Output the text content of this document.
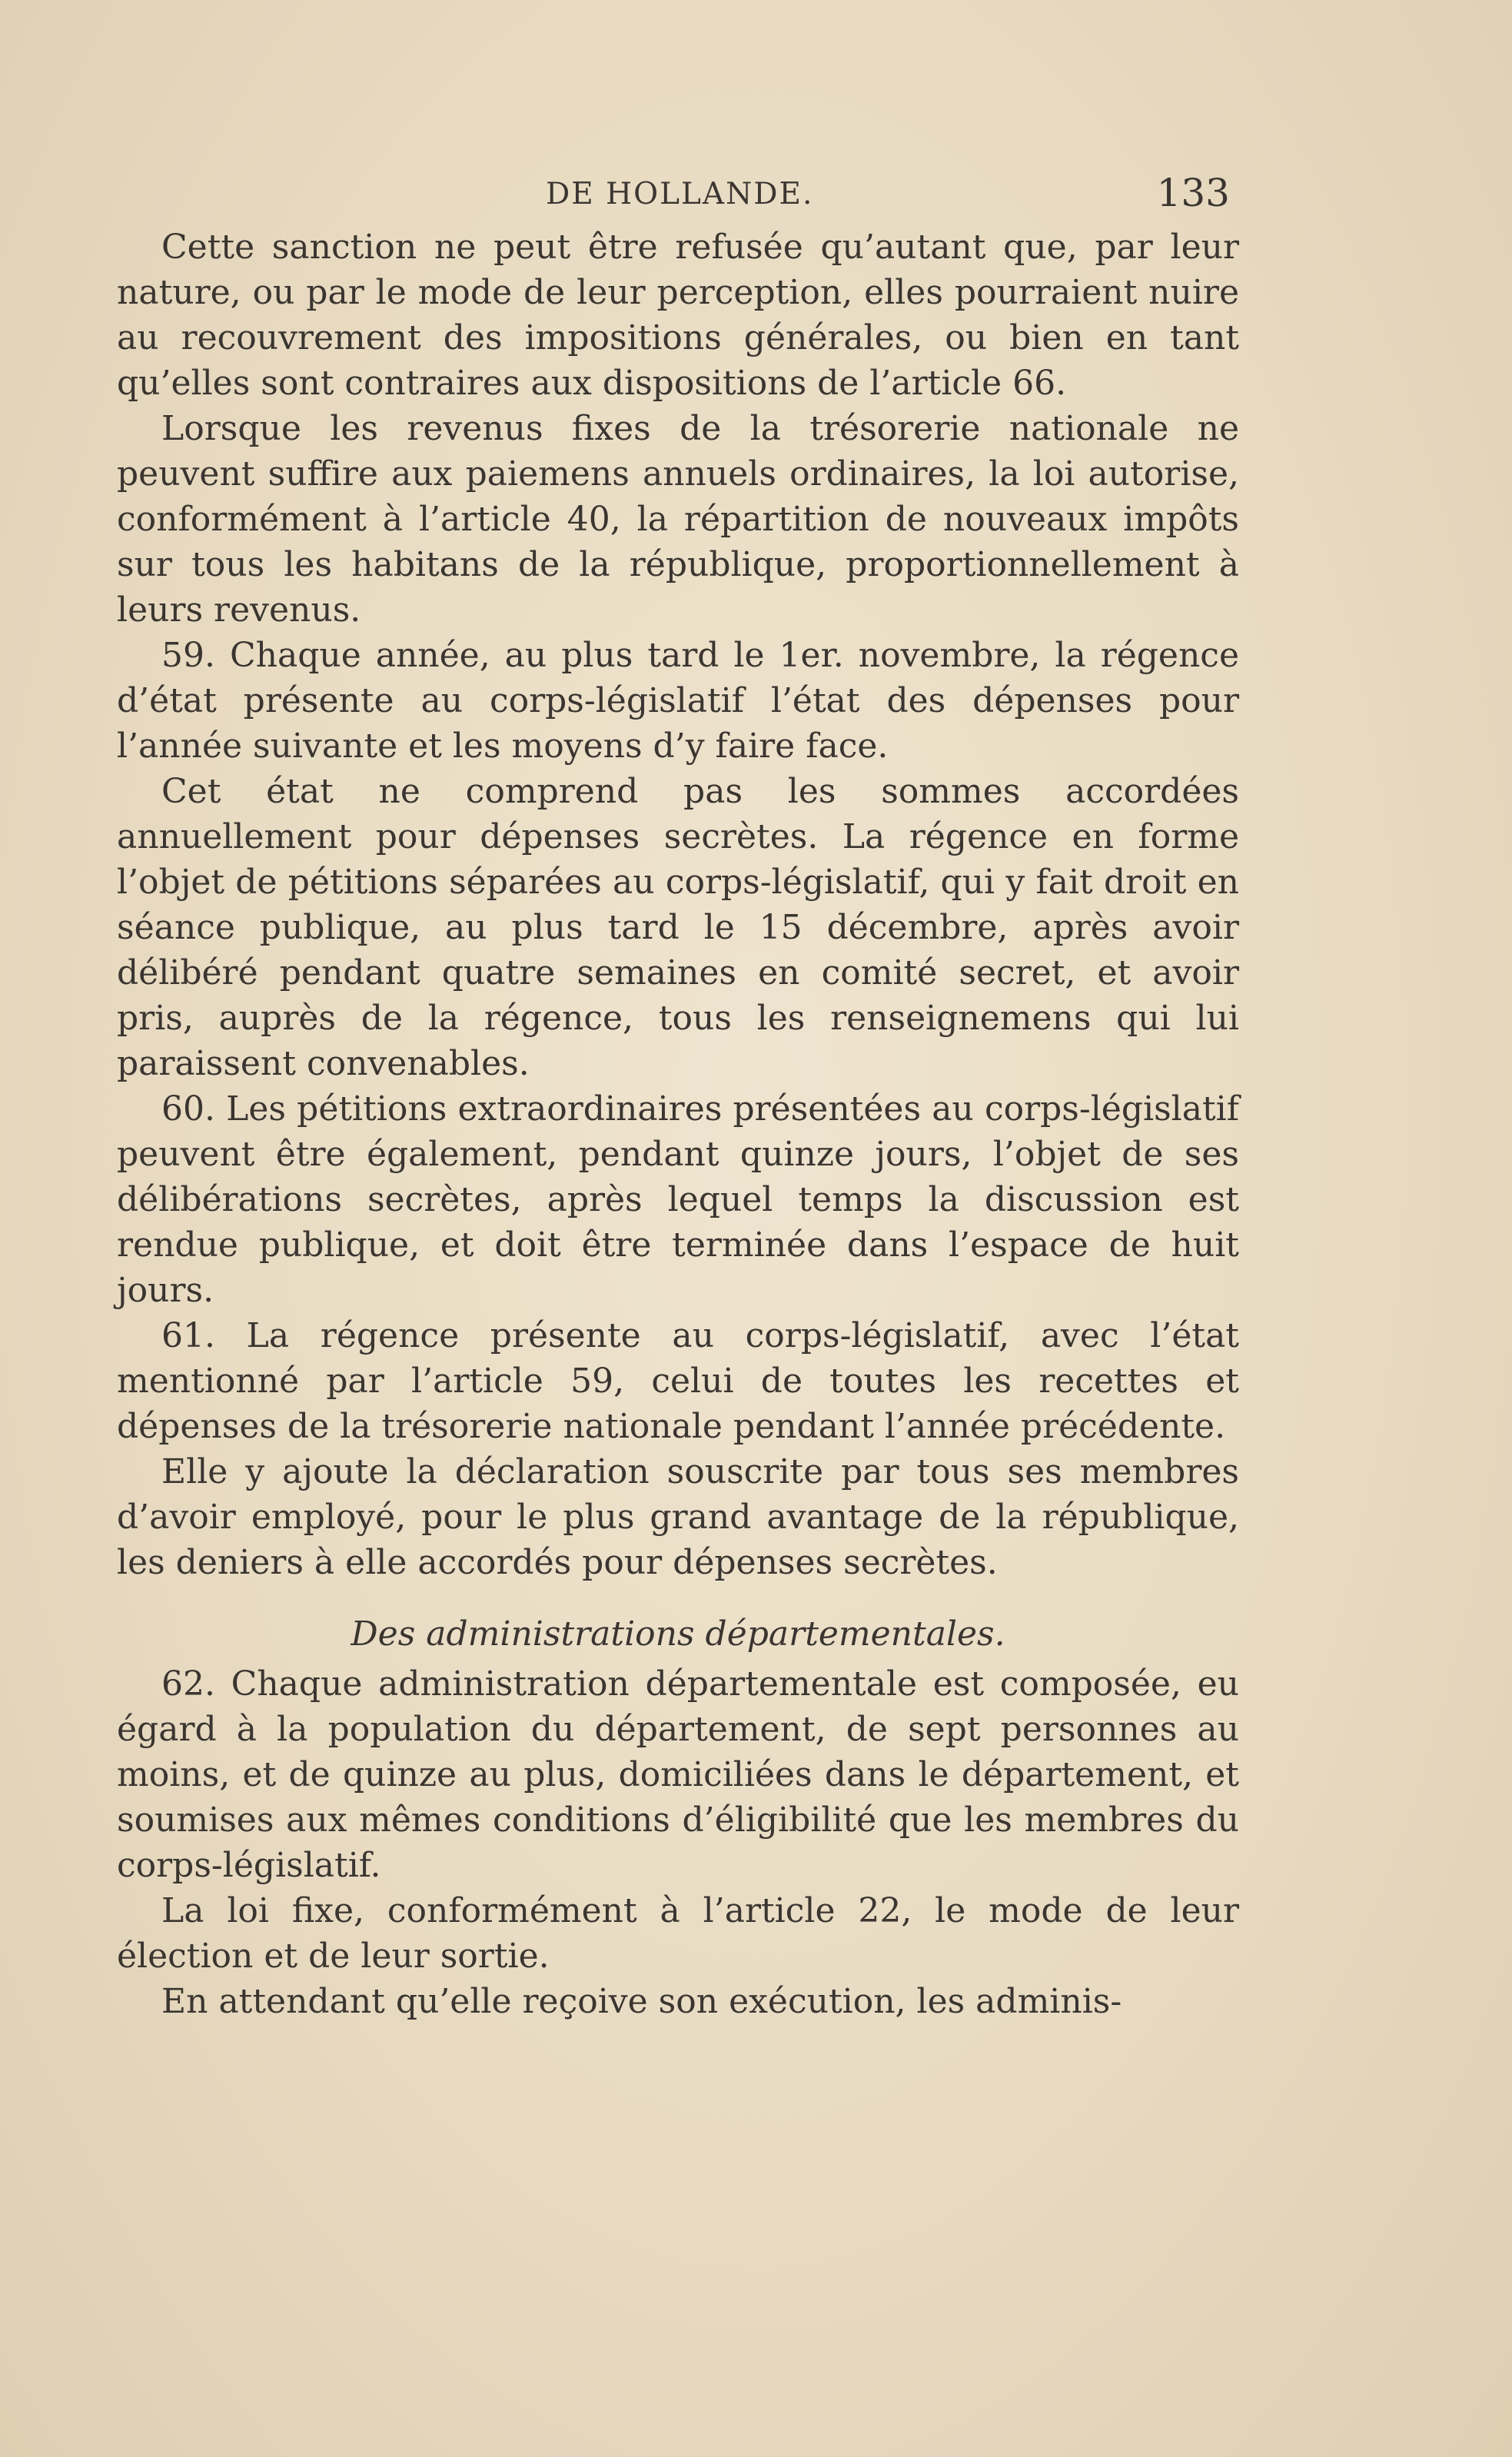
DE HOLLANDE.	133

Cette sanction ne peut être refusée qu’autant que, par leur nature, ou par le mode de leur perception, elles pourraient nuire au recouvrement des impositions générales, ou bien en tant qu’elles sont contraires aux dispositions de l’article 66.

Lorsque les revenus fixes de la trésorerie nationale ne peuvent suffire aux paiemens annuels ordinaires, la loi autorise, conformément à l’article 40, la répartition de nouveaux impôts sur tous les habitans de la république, proportionnellement à leurs revenus.

59. Chaque année, au plus tard le 1er. novembre, la régence d’état présente au corps-législatif l’état des dépenses pour l’année suivante et les moyens d’y faire face.

Cet état ne comprend pas les sommes accordées annuellement pour dépenses secrètes. La régence en forme l’objet de pétitions séparées au corps-législatif, qui y fait droit en séance publique, au plus tard le 15 décembre, après avoir délibéré pendant quatre semaines en comité secret, et avoir pris, auprès de la régence, tous les renseignemens qui lui paraissent convenables.

60. Les pétitions extraordinaires présentées au corps-législatif peuvent être également, pendant quinze jours, l’objet de ses délibérations secrètes, après lequel temps la discussion est rendue publique, et doit être terminée dans l’espace de huit jours.

61. La régence présente au corps-législatif, avec l’état mentionné par l’article 59, celui de toutes les recettes et dépenses de la trésorerie nationale pendant l’année précédente.

Elle y ajoute la déclaration souscrite par tous ses membres d’avoir employé, pour le plus grand avantage de la république, les deniers à elle accordés pour dépenses secrètes.

Des administrations départementales.

62. Chaque administration départementale est composée, eu égard à la population du département, de sept personnes au moins, et de quinze au plus, domiciliées dans le département, et soumises aux mêmes conditions d’éligibilité que les membres du corps-législatif.

La loi fixe, conformément à l’article 22, le mode de leur élection et de leur sortie.

En attendant qu’elle reçoive son exécution, les adminis-
